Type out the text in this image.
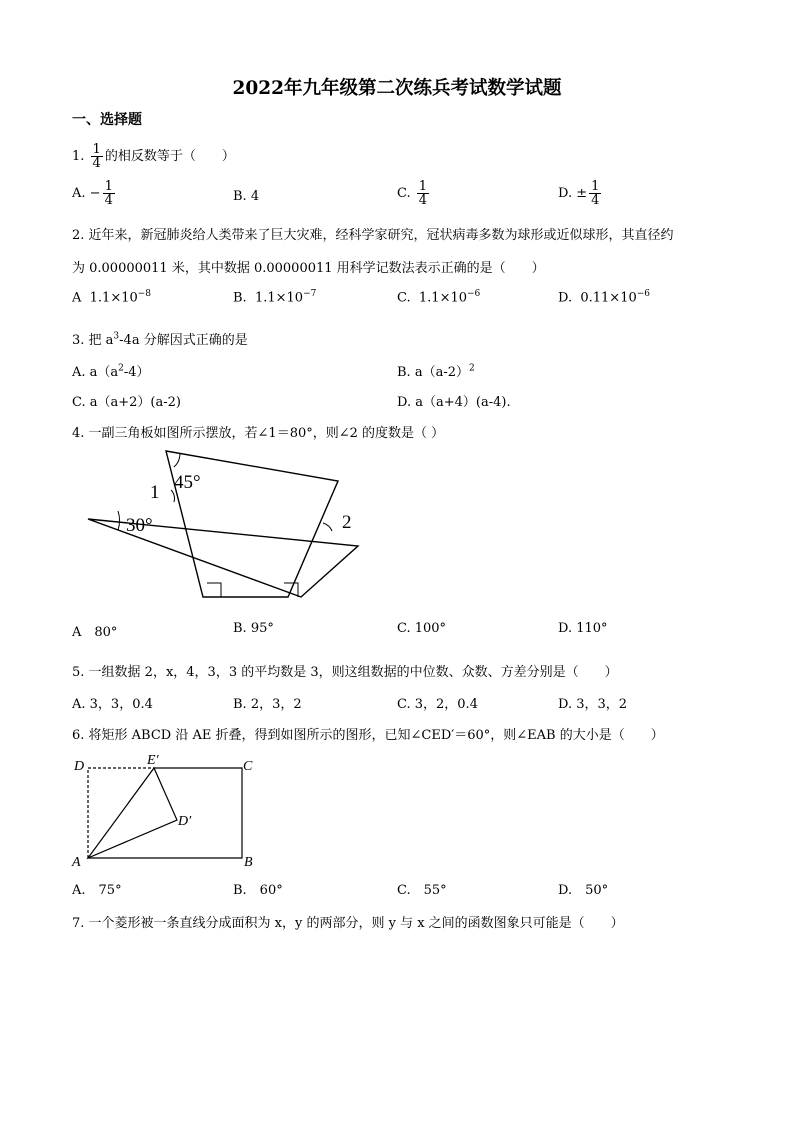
2022年九年级第二次练兵考试数学试题
一、选择题
1. $\frac{1}{4}$ 的相反数等于（　　）
A. − $\frac{1}{4}$	B. 4	C. $\frac{1}{4}$	D. ± $\frac{1}{4}$
2. 近年来，新冠肺炎给人类带来了巨大灾难，经科学家研究，冠状病毒多数为球形或近似球形，其直径约
为 0.00000011 米，其中数据 0.00000011 用科学记数法表示正确的是（　　）
A $1.1\times 10^{-8}$	B. $1.1\times 10^{-7}$	C. $1.1\times 10^{-6}$	D. $0.11\times 10^{-6}$
3. 把 $a^3-4a$ 分解因式正确的是
A. $a(a^2-4)$	B. $a(a-2)^2$
C. a（a+2）(a-2)	D. a（a+4）(a-4).
4. 一副三角板如图所示摆放，若∠1＝80°，则∠2 的度数是（ ）
45°
1
30°	2
A　80°	B. 95°	C. 100°	D. 110°
5. 一组数据 2，x，4，3，3 的平均数是 3，则这组数据的中位数、众数、方差分别是（　　）
A. 3，3，0.4	B. 2，3，2	C. 3，2，0.4	D. 3，3，2
6. 将矩形 ABCD 沿 AE 折叠，得到如图所示的图形，已知∠CED′＝60°，则∠EAB 的大小是（　　）
D	E′	C
D′
A	B
A.　75°	B.　60°	C.　55°	D.　50°
7. 一个菱形被一条直线分成面积为 x，y 的两部分，则 y 与 x 之间的函数图象只可能是（　　）
